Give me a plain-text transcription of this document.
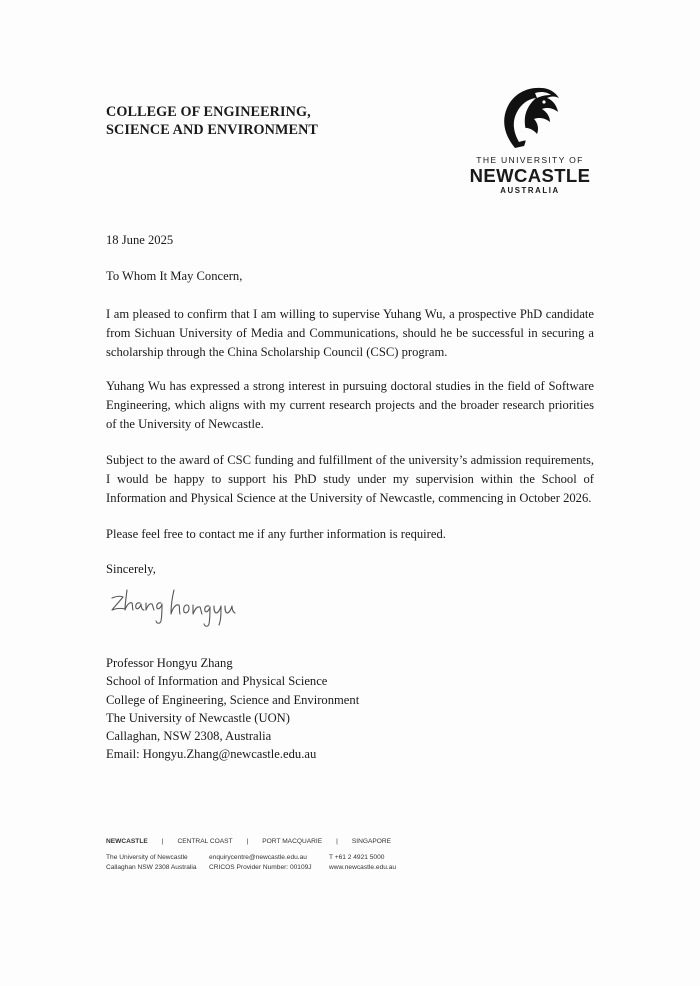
COLLEGE OF ENGINEERING,
SCIENCE AND ENVIRONMENT
THE UNIVERSITY OF
NEWCASTLE
AUSTRALIA
18 June 2025
To Whom It May Concern,
I am pleased to confirm that I am willing to supervise Yuhang Wu, a prospective PhD candidate from Sichuan University of Media and Communications, should he be successful in securing a scholarship through the China Scholarship Council (CSC) program.
Yuhang Wu has expressed a strong interest in pursuing doctoral studies in the field of Software Engineering, which aligns with my current research projects and the broader research priorities of the University of Newcastle.
Subject to the award of CSC funding and fulfillment of the university’s admission requirements, I would be happy to support his PhD study under my supervision within the School of Information and Physical Science at the University of Newcastle, commencing in October 2026.
Please feel free to contact me if any further information is required.
Sincerely,
Professor Hongyu Zhang
School of Information and Physical Science
College of Engineering, Science and Environment
The University of Newcastle (UON)
Callaghan, NSW 2308, Australia
Email: Hongyu.Zhang@newcastle.edu.au
NEWCASTLE | CENTRAL COAST | PORT MACQUARIE | SINGAPORE
The University of Newcastle
Callaghan NSW 2308 Australia
enquirycentre@newcastle.edu.au
CRICOS Provider Number: 00109J
T +61 2 4921 5000
www.newcastle.edu.au
